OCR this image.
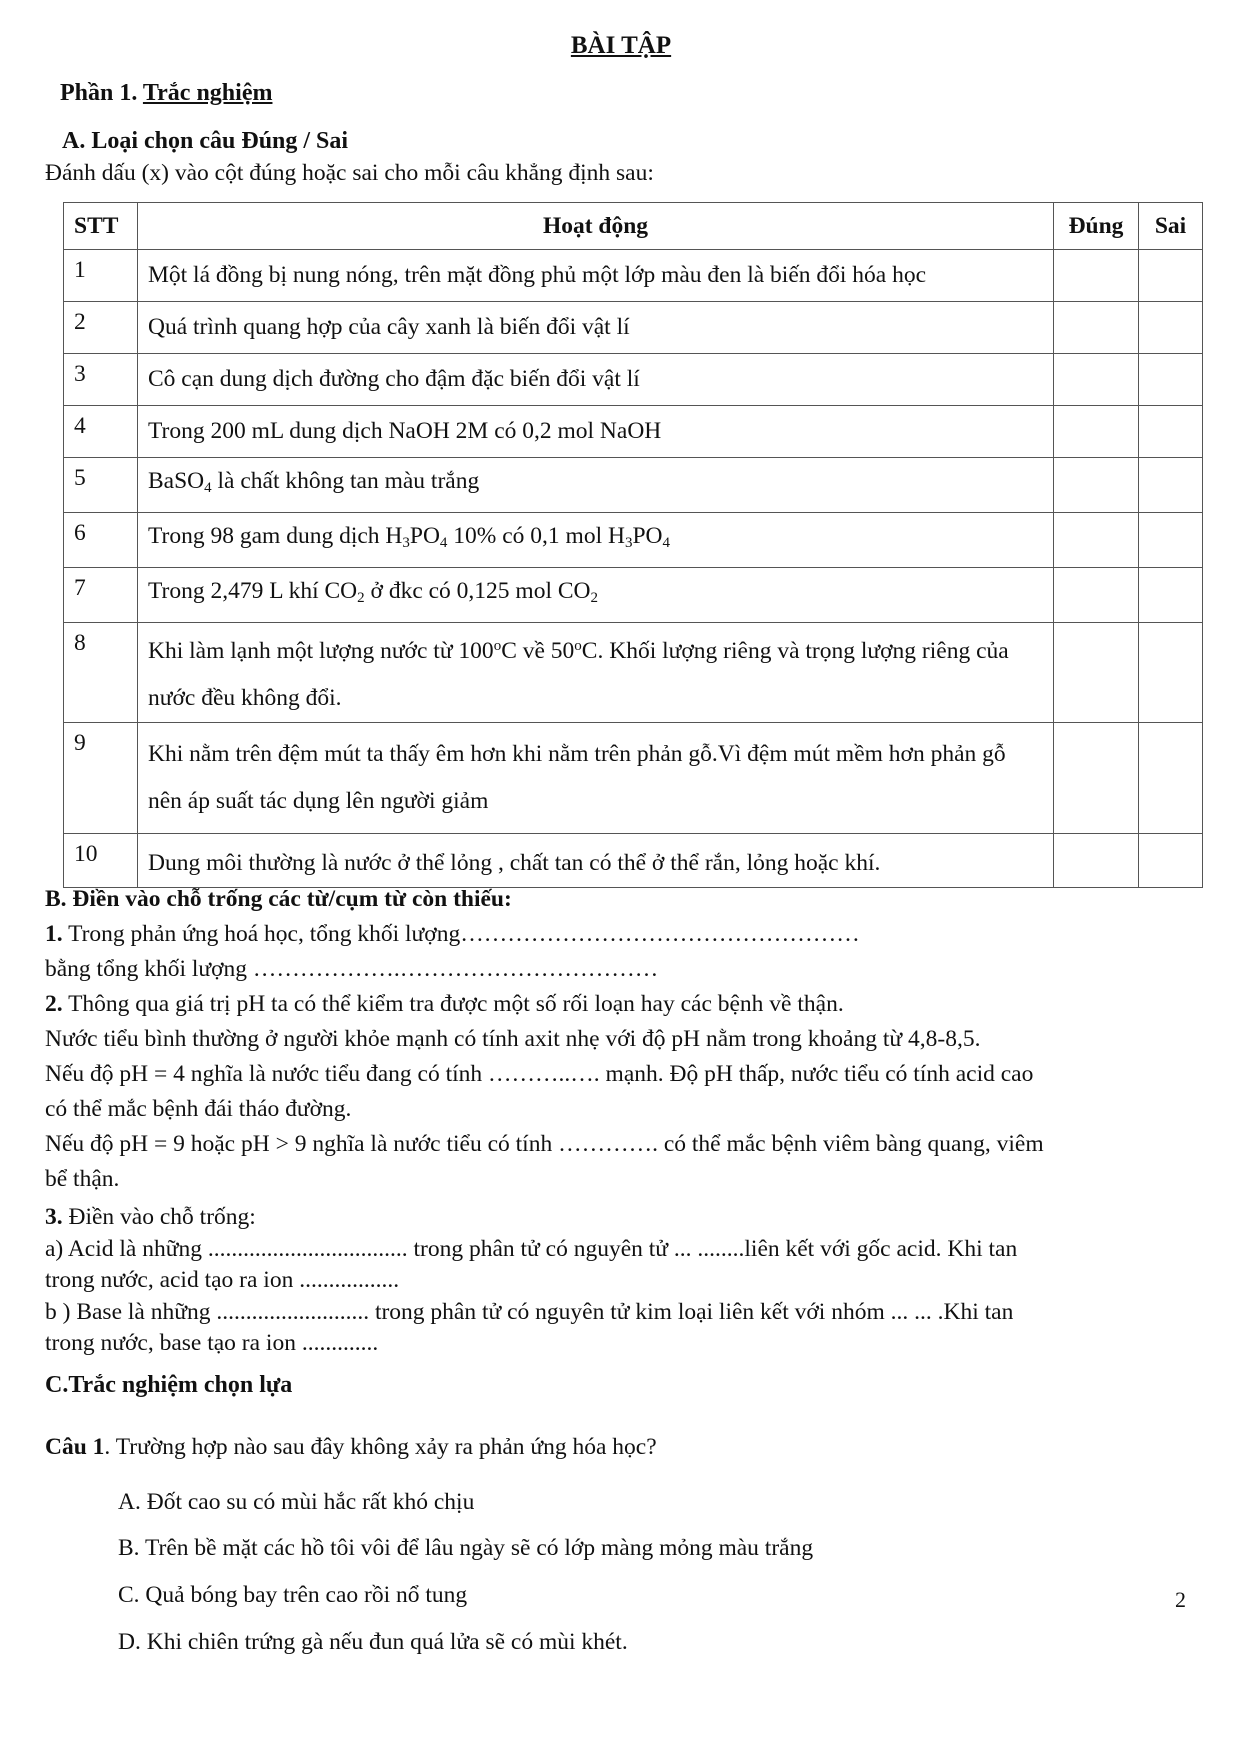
BÀI TẬP
Phần 1. Trắc nghiệm
A. Loại chọn câu Đúng / Sai
Đánh dấu (x) vào cột đúng hoặc sai cho mỗi câu khẳng định sau:
STT	Hoạt động	Đúng	Sai
1	Một lá đồng bị nung nóng, trên mặt đồng phủ một lớp màu đen là biến đổi hóa học		
2	Quá trình quang hợp của cây xanh là biến đổi vật lí		
3	Cô cạn dung dịch đường cho đậm đặc biến đổi vật lí		
4	Trong 200 mL dung dịch NaOH 2M có 0,2 mol NaOH		
5	BaSO$_4$ là chất không tan màu trắng		
6	Trong 98 gam dung dịch $H_3PO_4$ 10% có 0,1 mol $H_3PO_4$		
7	Trong 2,479 L khí $CO_2$ ở đkc có 0,125 mol $CO_2$		
8	Khi làm lạnh một lượng nước từ 100$^o$C về 50$^o$C. Khối lượng riêng và trọng lượng riêng của nước đều không đổi.		
9	Khi nằm trên đệm mút ta thấy êm hơn khi nằm trên phản gỗ.Vì đệm mút mềm hơn phản gỗ nên áp suất tác dụng lên người giảm		
10	Dung môi thường là nước ở thể lỏng , chất tan có thể ở thể rắn, lỏng hoặc khí.		
B. Điền vào chỗ trống các từ/cụm từ còn thiếu:
1. Trong phản ứng hoá học, tổng khối lượng……………………………………………
bằng tổng khối lượng ……………….……………………………
2. Thông qua giá trị pH ta có thể kiểm tra được một số rối loạn hay các bệnh về thận.
Nước tiểu bình thường ở người khỏe mạnh có tính axit nhẹ với độ pH nằm trong khoảng từ 4,8-8,5.
Nếu độ pH = 4 nghĩa là nước tiểu đang có tính ………..…. mạnh. Độ pH thấp, nước tiểu có tính acid cao
có thể mắc bệnh đái tháo đường.
Nếu độ pH = 9 hoặc pH > 9 nghĩa là nước tiểu có tính …………. có thể mắc bệnh viêm bàng quang, viêm
bể thận.
3. Điền vào chỗ trống:
a) Acid là những .................................. trong phân tử có nguyên tử ... ........liên kết với gốc acid. Khi tan
trong nước, acid tạo ra ion .................
b ) Base là những .......................... trong phân tử có nguyên tử kim loại liên kết với nhóm ... ... .Khi tan
trong nước, base tạo ra ion .............
C.Trắc nghiệm chọn lựa
Câu 1. Trường hợp nào sau đây không xảy ra phản ứng hóa học?
A. Đốt cao su có mùi hắc rất khó chịu
B. Trên bề mặt các hồ tôi vôi để lâu ngày sẽ có lớp màng mỏng màu trắng
C. Quả bóng bay trên cao rồi nổ tung
D. Khi chiên trứng gà nếu đun quá lửa sẽ có mùi khét.
2
